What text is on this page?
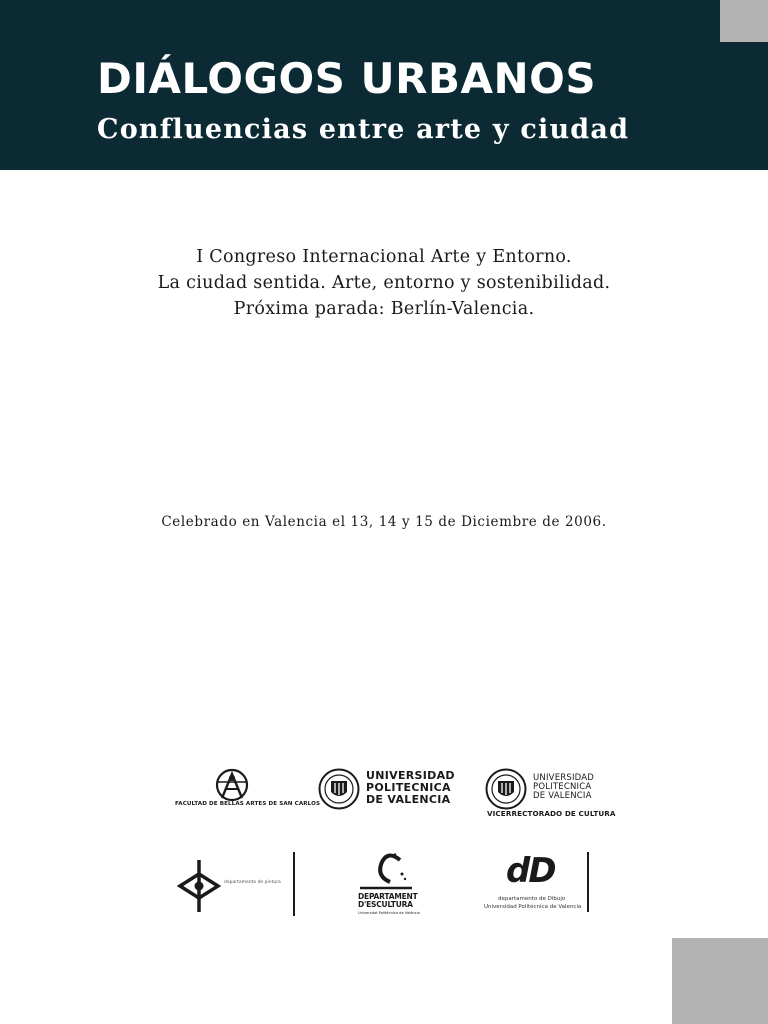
DIÁLOGOS URBANOS
Confluencias entre arte y ciudad
I Congreso Internacional Arte y Entorno.
La ciudad sentida. Arte, entorno y sostenibilidad.
Próxima parada: Berlín-Valencia.
Celebrado en Valencia el 13, 14 y 15 de Diciembre de 2006.
FACULTAD DE BELLAS ARTES DE SAN CARLOS
UNIVERSIDAD
POLITECNICA
DE VALENCIA
UNIVERSIDAD
POLITECNICA
DE VALENCIA
VICERRECTORADO DE CULTURA
departamento de pintura
DEPARTAMENT
D'ESCULTURA
Universitat Politècnica de València
dD
departamento de Dibujo
Universidad Politécnica de Valencia
